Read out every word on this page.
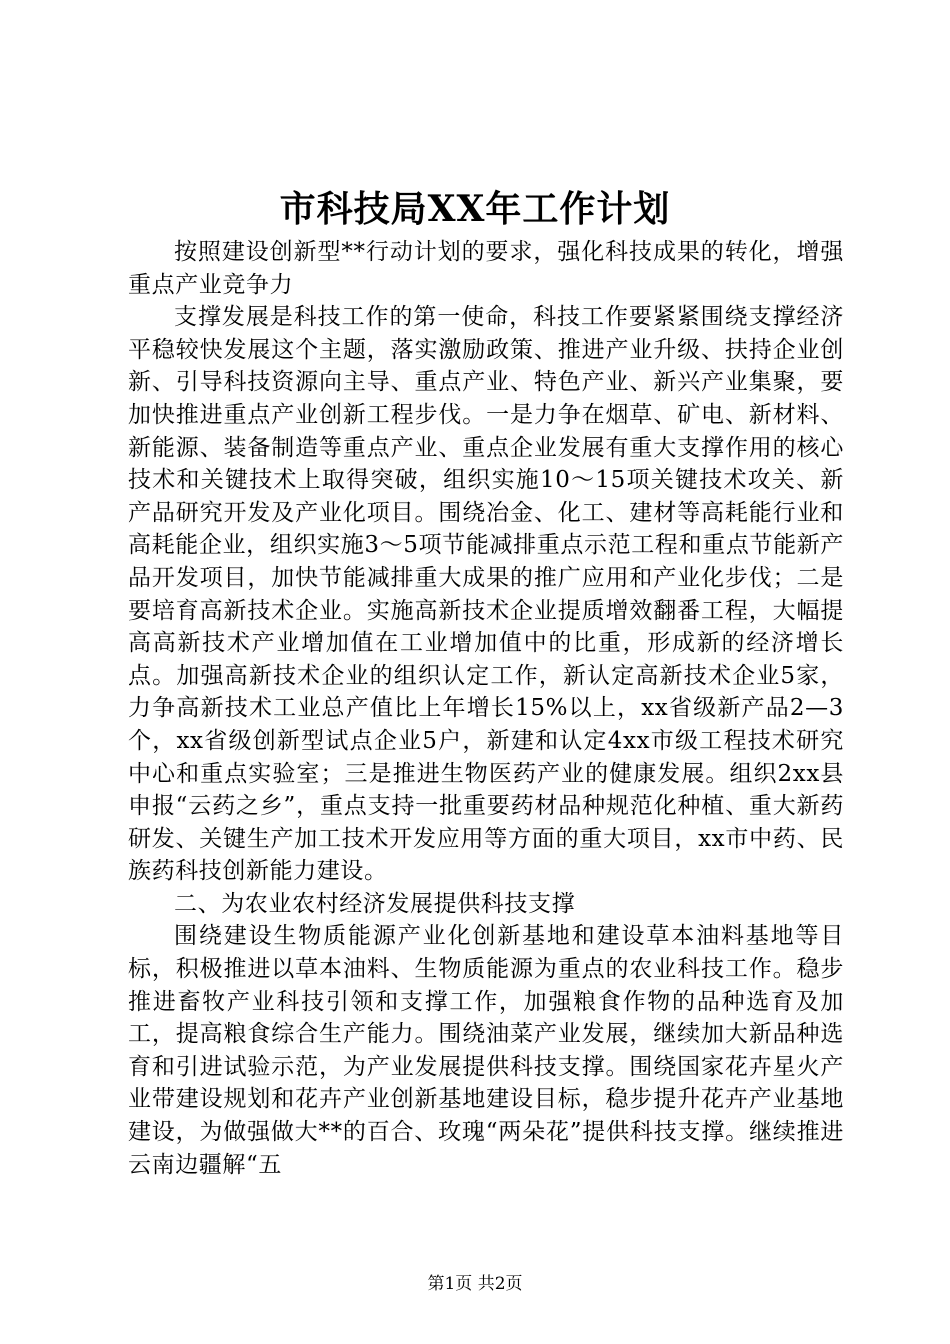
市科技局XX年工作计划

按照建设创新型**行动计划的要求，强化科技成果的转化，增强重点产业竞争力

支撑发展是科技工作的第一使命，科技工作要紧紧围绕支撑经济平稳较快发展这个主题，落实激励政策、推进产业升级、扶持企业创新、引导科技资源向主导、重点产业、特色产业、新兴产业集聚，要加快推进重点产业创新工程步伐。一是力争在烟草、矿电、新材料、新能源、装备制造等重点产业、重点企业发展有重大支撑作用的核心技术和关键技术上取得突破，组织实施10～15项关键技术攻关、新产品研究开发及产业化项目。围绕冶金、化工、建材等高耗能行业和高耗能企业，组织实施3～5项节能减排重点示范工程和重点节能新产品开发项目，加快节能减排重大成果的推广应用和产业化步伐；二是要培育高新技术企业。实施高新技术企业提质增效翻番工程，大幅提高高新技术产业增加值在工业增加值中的比重，形成新的经济增长点。加强高新技术企业的组织认定工作，新认定高新技术企业5家，力争高新技术工业总产值比上年增长15%以上，xx省级新产品2—3个，xx省级创新型试点企业5户，新建和认定4xx市级工程技术研究中心和重点实验室；三是推进生物医药产业的健康发展。组织2xx县申报“云药之乡”，重点支持一批重要药材品种规范化种植、重大新药研发、关键生产加工技术开发应用等方面的重大项目，xx市中药、民族药科技创新能力建设。

二、为农业农村经济发展提供科技支撑

围绕建设生物质能源产业化创新基地和建设草本油料基地等目标，积极推进以草本油料、生物质能源为重点的农业科技工作。稳步推进畜牧产业科技引领和支撑工作，加强粮食作物的品种选育及加工，提高粮食综合生产能力。围绕油菜产业发展，继续加大新品种选育和引进试验示范，为产业发展提供科技支撑。围绕国家花卉星火产业带建设规划和花卉产业创新基地建设目标，稳步提升花卉产业基地建设，为做强做大**的百合、玫瑰“两朵花”提供科技支撑。继续推进云南边疆解“五

第1页 共2页
